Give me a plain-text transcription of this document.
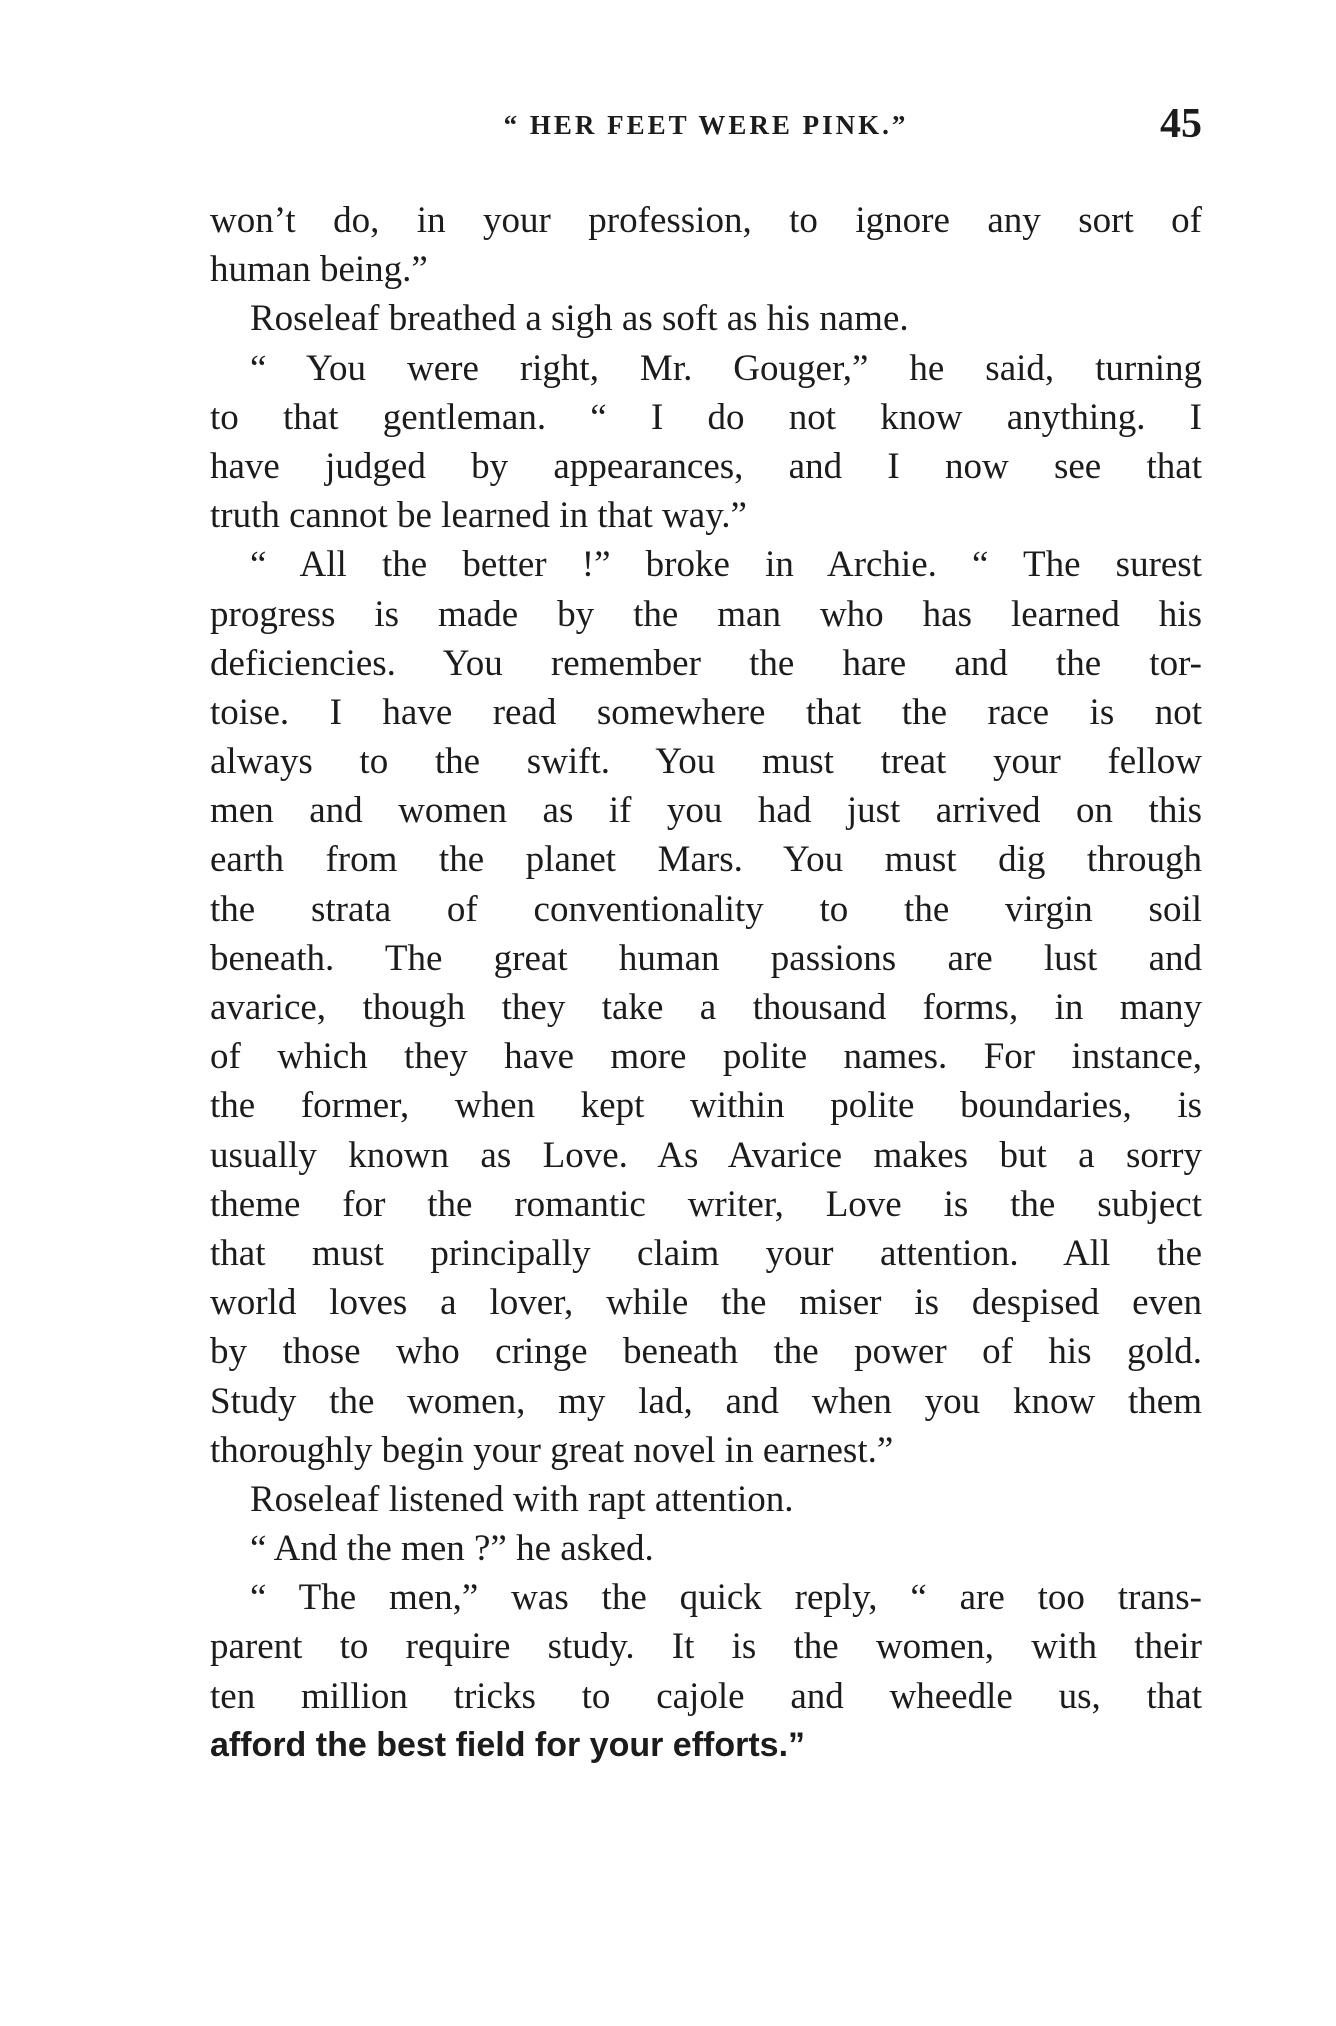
“ HER FEET WERE PINK.”	45
won’t do, in your profession, to ignore any sort of
human being.”
Roseleaf breathed a sigh as soft as his name.
“ You were right, Mr. Gouger,” he said, turning
to that gentleman. “ I do not know anything. I
have judged by appearances, and I now see that
truth cannot be learned in that way.”
“ All the better !” broke in Archie. “ The surest
progress is made by the man who has learned his
deficiencies. You remember the hare and the tor-
toise. I have read somewhere that the race is not
always to the swift. You must treat your fellow
men and women as if you had just arrived on this
earth from the planet Mars. You must dig through
the strata of conventionality to the virgin soil
beneath. The great human passions are lust and
avarice, though they take a thousand forms, in many
of which they have more polite names. For instance,
the former, when kept within polite boundaries, is
usually known as Love. As Avarice makes but a sorry
theme for the romantic writer, Love is the subject
that must principally claim your attention. All the
world loves a lover, while the miser is despised even
by those who cringe beneath the power of his gold.
Study the women, my lad, and when you know them
thoroughly begin your great novel in earnest.”
Roseleaf listened with rapt attention.
“ And the men ?” he asked.
“ The men,” was the quick reply, “ are too trans-
parent to require study. It is the women, with their
ten million tricks to cajole and wheedle us, that
afford the best field for your efforts.”
